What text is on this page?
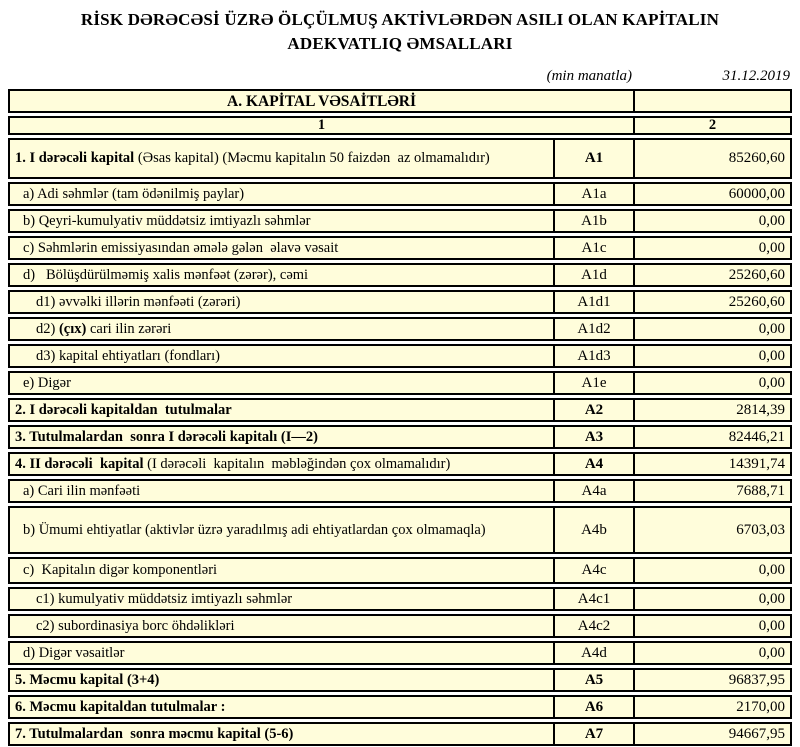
RİSK DƏRƏCƏSİ ÜZRƏ ÖLÇÜLMUŞ AKTİVLƏRDƏN ASILI OLAN KAPİTALIN
ADEKVATLIQ ƏMSALLARI
(min manatla)	31.12.2019
A. KAPİTAL VƏSAİTLƏRİ		
1		2
1. I dərəcəli kapital (Əsas kapital) (Məcmu kapitalın 50 faizdən  az olmamalıdır)	A1	85260,60
a) Adi səhmlər (tam ödənilmiş paylar)	A1a	60000,00
b) Qeyri-kumulyativ müddətsiz imtiyazlı səhmlər	A1b	0,00
c) Səhmlərin emissiyasından əmələ gələn  əlavə vəsait	A1c	0,00
d)   Bölüşdürülməmiş xalis mənfəət (zərər), cəmi	A1d	25260,60
d1) əvvəlki illərin mənfəəti (zərəri)	A1d1	25260,60
d2) (çıx) cari ilin zərəri	A1d2	0,00
d3) kapital ehtiyatları (fondları)	A1d3	0,00
e) Digər	A1e	0,00
2. I dərəcəli kapitaldan  tutulmalar	A2	2814,39
3. Tutulmalardan  sonra I dərəcəli kapitalı (I—2)	A3	82446,21
4. II dərəcəli  kapital (I dərəcəli  kapitalın  məbləğindən çox olmamalıdır)	A4	14391,74
a) Cari ilin mənfəəti	A4a	7688,71
b) Ümumi ehtiyatlar (aktivlər üzrə yaradılmış adi ehtiyatlardan çox olmamaqla)	A4b	6703,03
c)  Kapitalın digər komponentləri	A4c	0,00
c1) kumulyativ müddətsiz imtiyazlı səhmlər	A4c1	0,00
c2) subordinasiya borc öhdəlikləri	A4c2	0,00
d) Digər vəsaitlər	A4d	0,00
5. Məcmu kapital (3+4)	A5	96837,95
6. Məcmu kapitaldan tutulmalar :	A6	2170,00
7. Tutulmalardan  sonra məcmu kapital (5-6)	A7	94667,95
